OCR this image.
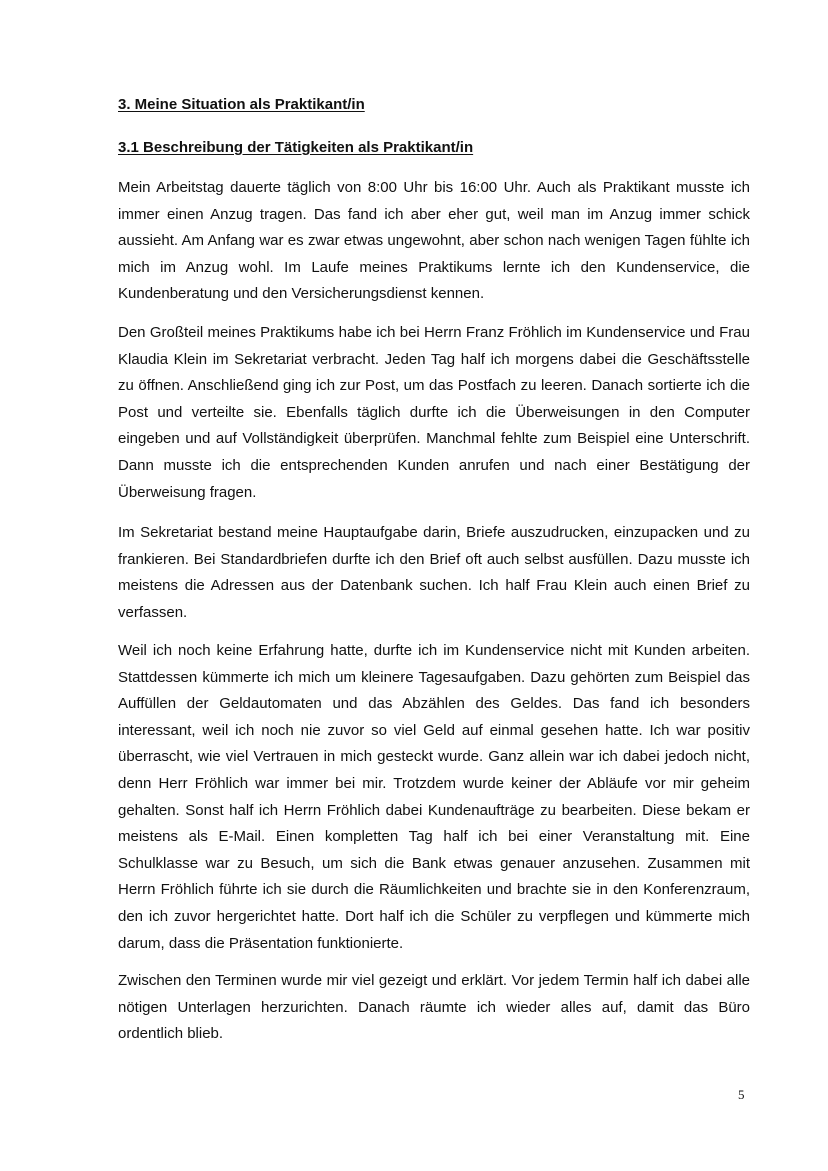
3. Meine Situation als Praktikant/in
3.1 Beschreibung der Tätigkeiten als Praktikant/in

Mein Arbeitstag dauerte täglich von 8:00 Uhr bis 16:00 Uhr. Auch als Praktikant musste ich immer einen Anzug tragen. Das fand ich aber eher gut, weil man im Anzug immer schick aussieht. Am Anfang war es zwar etwas ungewohnt, aber schon nach wenigen Tagen fühlte ich mich im Anzug wohl. Im Laufe meines Praktikums lernte ich den Kundenservice, die Kundenberatung und den Versicherungsdienst kennen.

Den Großteil meines Praktikums habe ich bei Herrn Franz Fröhlich im Kundenservice und Frau Klaudia Klein im Sekretariat verbracht. Jeden Tag half ich morgens dabei die Geschäftsstelle zu öffnen. Anschließend ging ich zur Post, um das Postfach zu leeren. Danach sortierte ich die Post und verteilte sie. Ebenfalls täglich durfte ich die Überweisungen in den Computer eingeben und auf Vollständigkeit überprüfen. Manchmal fehlte zum Beispiel eine Unterschrift. Dann musste ich die entsprechenden Kunden anrufen und nach einer Bestätigung der Überweisung fragen.

Im Sekretariat bestand meine Hauptaufgabe darin, Briefe auszudrucken, einzupacken und zu frankieren. Bei Standardbriefen durfte ich den Brief oft auch selbst ausfüllen. Dazu musste ich meistens die Adressen aus der Datenbank suchen. Ich half Frau Klein auch einen Brief zu verfassen.

Weil ich noch keine Erfahrung hatte, durfte ich im Kundenservice nicht mit Kunden arbeiten. Stattdessen kümmerte ich mich um kleinere Tagesaufgaben. Dazu gehörten zum Beispiel das Auffüllen der Geldautomaten und das Abzählen des Geldes. Das fand ich besonders interessant, weil ich noch nie zuvor so viel Geld auf einmal gesehen hatte. Ich war positiv überrascht, wie viel Vertrauen in mich gesteckt wurde. Ganz allein war ich dabei jedoch nicht, denn Herr Fröhlich war immer bei mir. Trotzdem wurde keiner der Abläufe vor mir geheim gehalten. Sonst half ich Herrn Fröhlich dabei Kundenaufträge zu bearbeiten. Diese bekam er meistens als E-Mail. Einen kompletten Tag half ich bei einer Veranstaltung mit. Eine Schulklasse war zu Besuch, um sich die Bank etwas genauer anzusehen. Zusammen mit Herrn Fröhlich führte ich sie durch die Räumlichkeiten und brachte sie in den Konferenzraum, den ich zuvor hergerichtet hatte. Dort half ich die Schüler zu verpflegen und kümmerte mich darum, dass die Präsentation funktionierte.

Zwischen den Terminen wurde mir viel gezeigt und erklärt. Vor jedem Termin half ich dabei alle nötigen Unterlagen herzurichten. Danach räumte ich wieder alles auf, damit das Büro ordentlich blieb.

5
